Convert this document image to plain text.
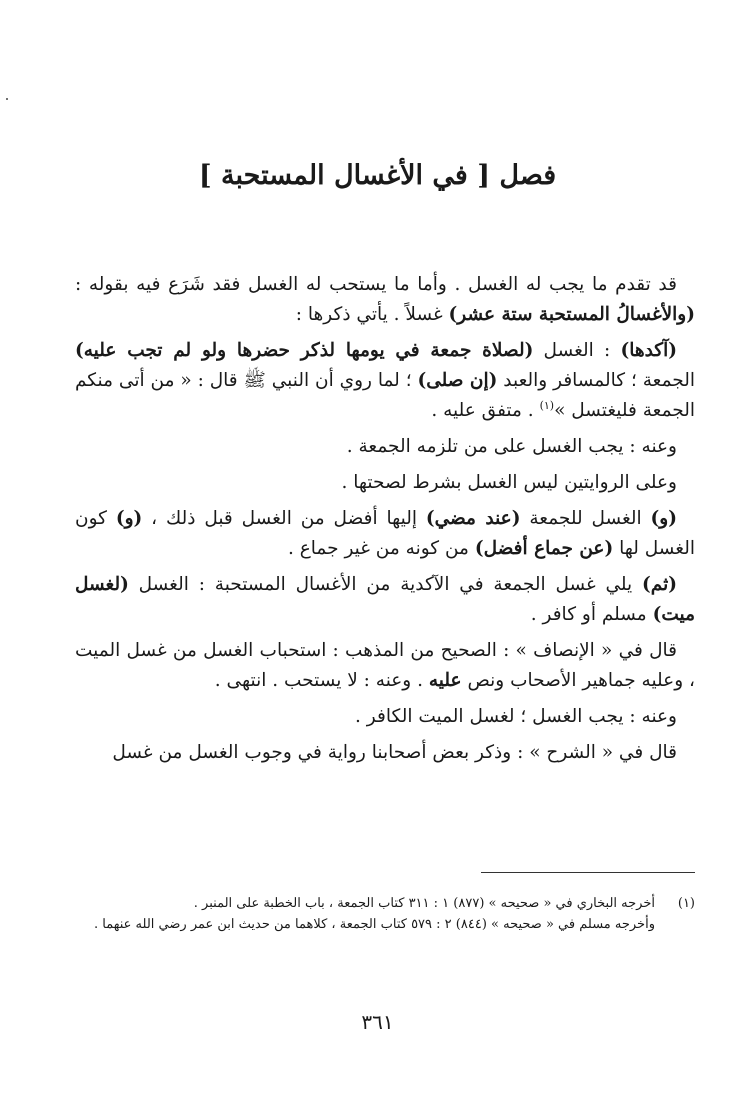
فصل [ في الأغسال المستحبة ]

قد تقدم ما يجب له الغسل . وأما ما يستحب له الغسل فقد شَرَع فيه بقوله : (والأغسالُ المستحبة ستة عشر) غسلاً . يأتي ذكرها :

(آكدها) : الغسل (لصلاة جمعة في يومها لذكر حضرها ولو لم تجب عليه) الجمعة ؛ كالمسافر والعبد (إن صلى) ؛ لما روي أن النبي ﷺ قال : « من أتى منكم الجمعة فليغتسل »$^{(١)}$ . متفق عليه .

وعنه : يجب الغسل على من تلزمه الجمعة .

وعلى الروايتين ليس الغسل بشرط لصحتها .

(و) الغسل للجمعة (عند مضي) إليها أفضل من الغسل قبل ذلك ، (و) كون الغسل لها (عن جماع أفضل) من كونه من غير جماع .

(ثم) يلي غسل الجمعة في الآكدية من الأغسال المستحبة : الغسل (لغسل ميت) مسلم أو كافر .

قال في « الإنصاف » : الصحيح من المذهب : استحباب الغسل من غسل الميت ، وعليه جماهير الأصحاب ونص عليه . وعنه : لا يستحب . انتهى .

وعنه : يجب الغسل ؛ لغسل الميت الكافر .

قال في « الشرح » : وذكر بعض أصحابنا رواية في وجوب الغسل من غسل

(١)

أخرجه البخاري في « صحيحه » (٨٧٧) ١ : ٣١١ كتاب الجمعة ، باب الخطبة على المنبر .

وأخرجه مسلم في « صحيحه » (٨٤٤) ٢ : ٥٧٩ كتاب الجمعة ، كلاهما من حديث ابن عمر رضي الله عنهما .

٣٦١
